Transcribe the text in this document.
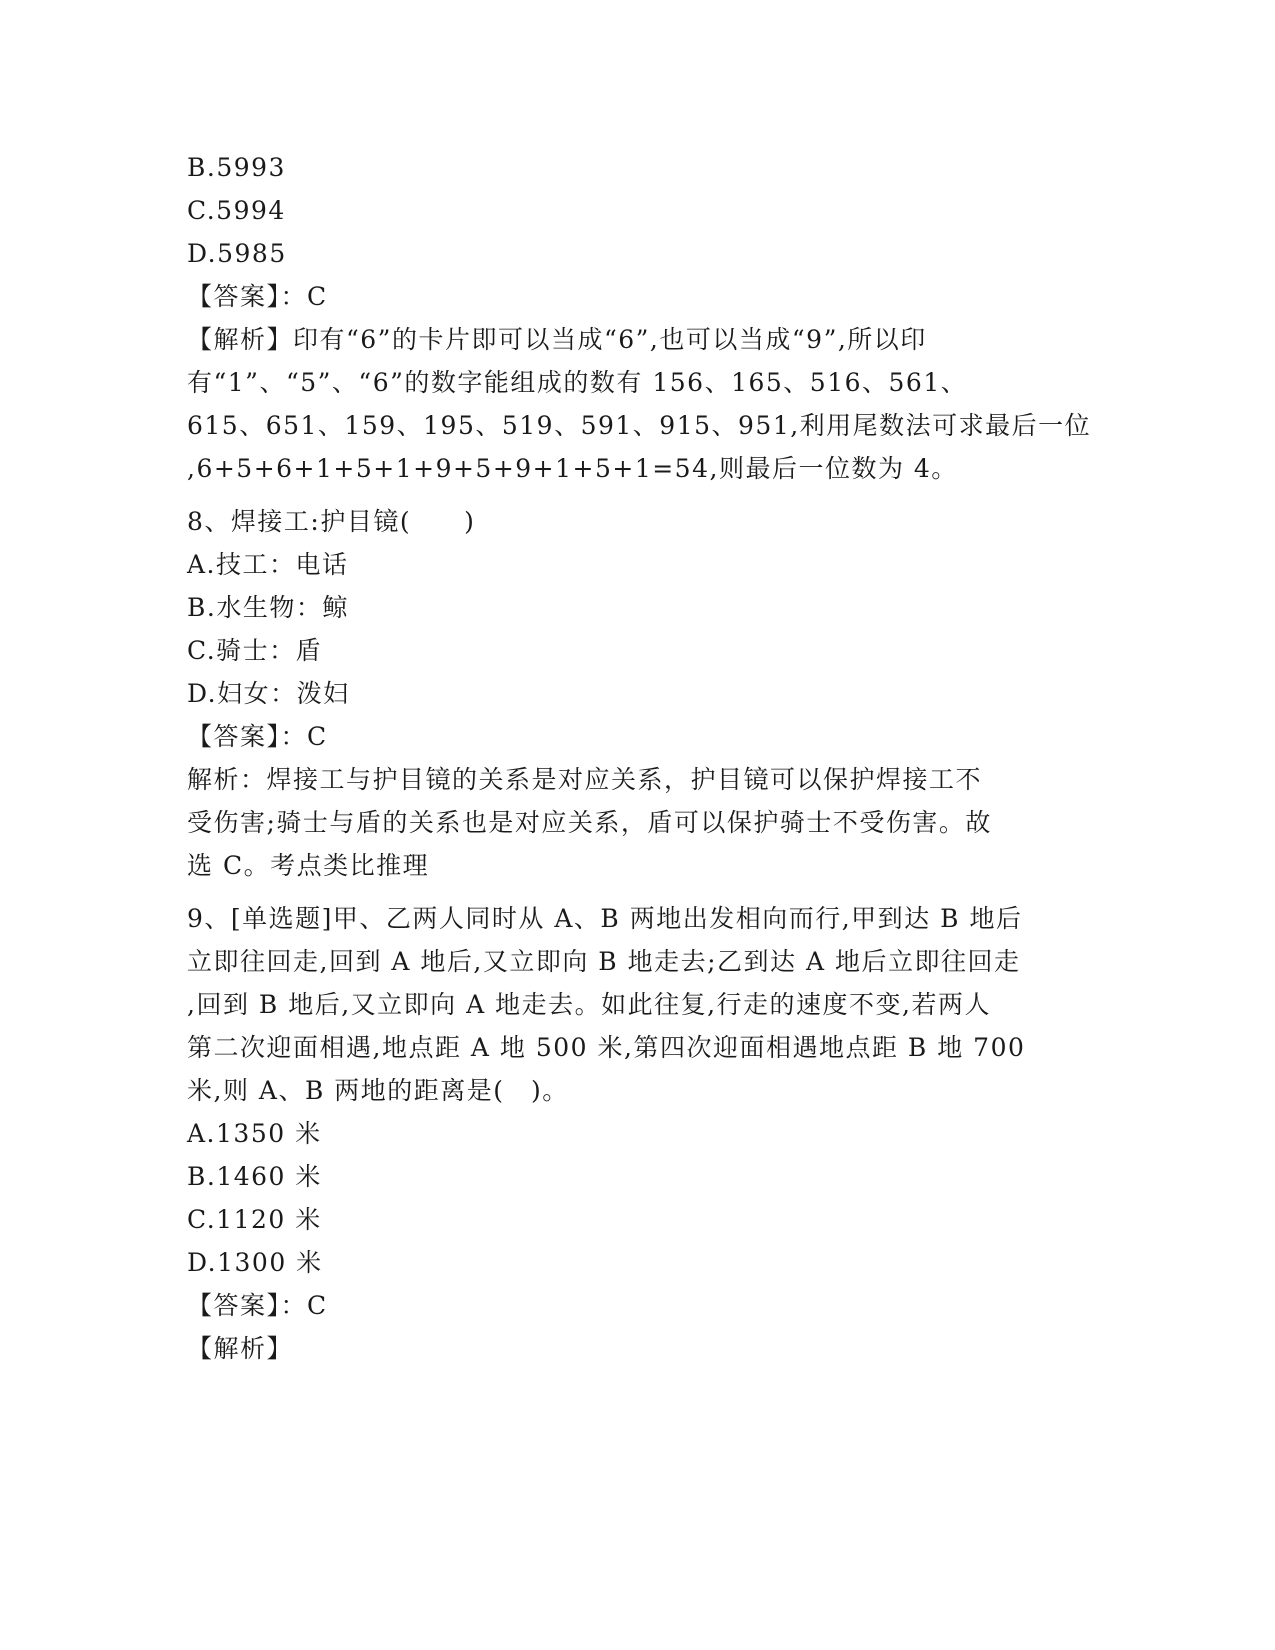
B.5993
C.5994
D.5985
【答案】：C
【解析】印有“6”的卡片即可以当成“6”,也可以当成“9”,所以印
有“1”、“5”、“6”的数字能组成的数有 156、165、516、561、
615、651、159、195、519、591、915、951,利用尾数法可求最后一位
,6+5+6+1+5+1+9+5+9+1+5+1=54,则最后一位数为 4。
8、焊接工:护目镜(　　)
A.技工：电话
B.水生物：鲸
C.骑士：盾
D.妇女：泼妇
【答案】：C
解析：焊接工与护目镜的关系是对应关系，护目镜可以保护焊接工不
受伤害;骑士与盾的关系也是对应关系，盾可以保护骑士不受伤害。故
选 C。考点类比推理
9、[单选题]甲、乙两人同时从 A、B 两地出发相向而行,甲到达 B 地后
立即往回走,回到 A 地后,又立即向 B 地走去;乙到达 A 地后立即往回走
,回到 B 地后,又立即向 A 地走去。如此往复,行走的速度不变,若两人
第二次迎面相遇,地点距 A 地 500 米,第四次迎面相遇地点距 B 地 700
米,则 A、B 两地的距离是(　)。
A.1350 米
B.1460 米
C.1120 米
D.1300 米
【答案】：C
【解析】
